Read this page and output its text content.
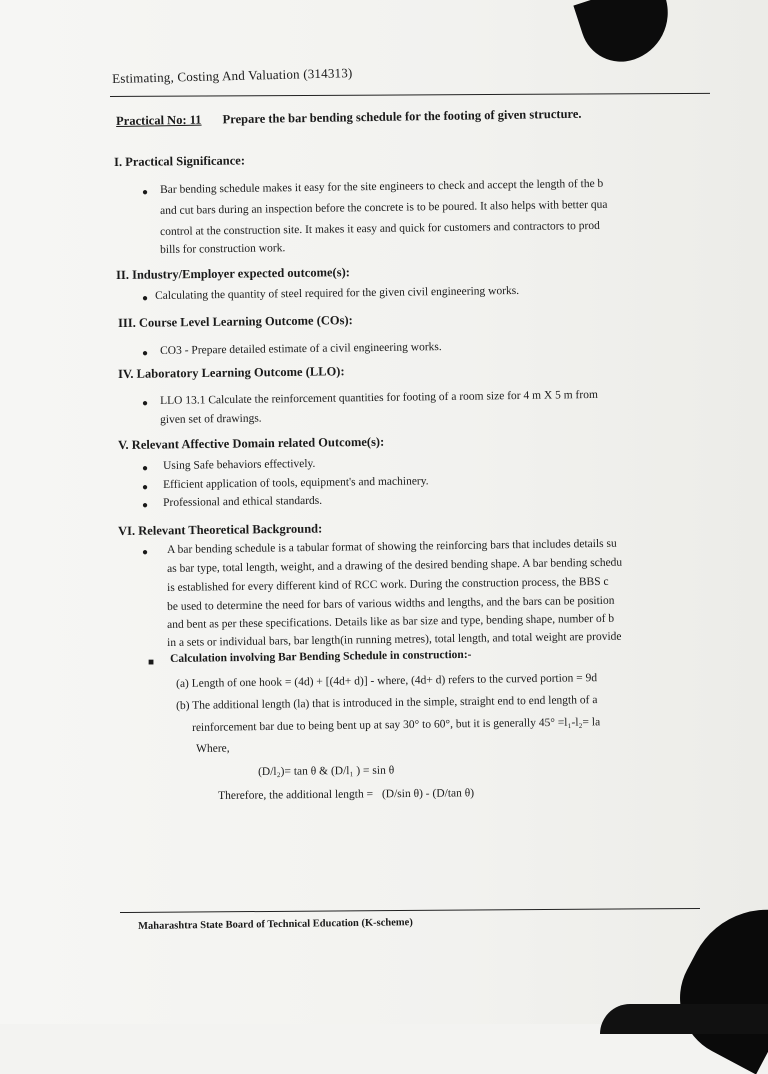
Estimating, Costing And Valuation (314313)
Practical No: 11 Prepare the bar bending schedule for the footing of given structure.
I. Practical Significance:
● Bar bending schedule makes it easy for the site engineers to check and accept the length of the b
and cut bars during an inspection before the concrete is to be poured. It also helps with better qua
control at the construction site. It makes it easy and quick for customers and contractors to prod
bills for construction work.
II. Industry/Employer expected outcome(s):
● Calculating the quantity of steel required for the given civil engineering works.
III. Course Level Learning Outcome (COs):
● CO3 - Prepare detailed estimate of a civil engineering works.
IV. Laboratory Learning Outcome (LLO):
● LLO 13.1 Calculate the reinforcement quantities for footing of a room size for 4 m X 5 m from
given set of drawings.
V. Relevant Affective Domain related Outcome(s):
● Using Safe behaviors effectively.
● Efficient application of tools, equipment's and machinery.
● Professional and ethical standards.
VI. Relevant Theoretical Background:
● A bar bending schedule is a tabular format of showing the reinforcing bars that includes details su
as bar type, total length, weight, and a drawing of the desired bending shape. A bar bending schedu
is established for every different kind of RCC work. During the construction process, the BBS c
be used to determine the need for bars of various widths and lengths, and the bars can be position
and bent as per these specifications. Details like as bar size and type, bending shape, number of b
in a sets or individual bars, bar length(in running metres), total length, and total weight are provide
■ Calculation involving Bar Bending Schedule in construction:-
(a) Length of one hook = (4d) + [(4d+ d)] - where, (4d+ d) refers to the curved portion = 9d
(b) The additional length (la) that is introduced in the simple, straight end to end length of a
reinforcement bar due to being bent up at say 30° to 60°, but it is generally 45° =l₁-l₂= la
Where,
(D/l₂)= tan θ & (D/l₁ ) = sin θ
Therefore, the additional length = (D/sin θ) - (D/tan θ)
Maharashtra State Board of Technical Education (K-scheme)
